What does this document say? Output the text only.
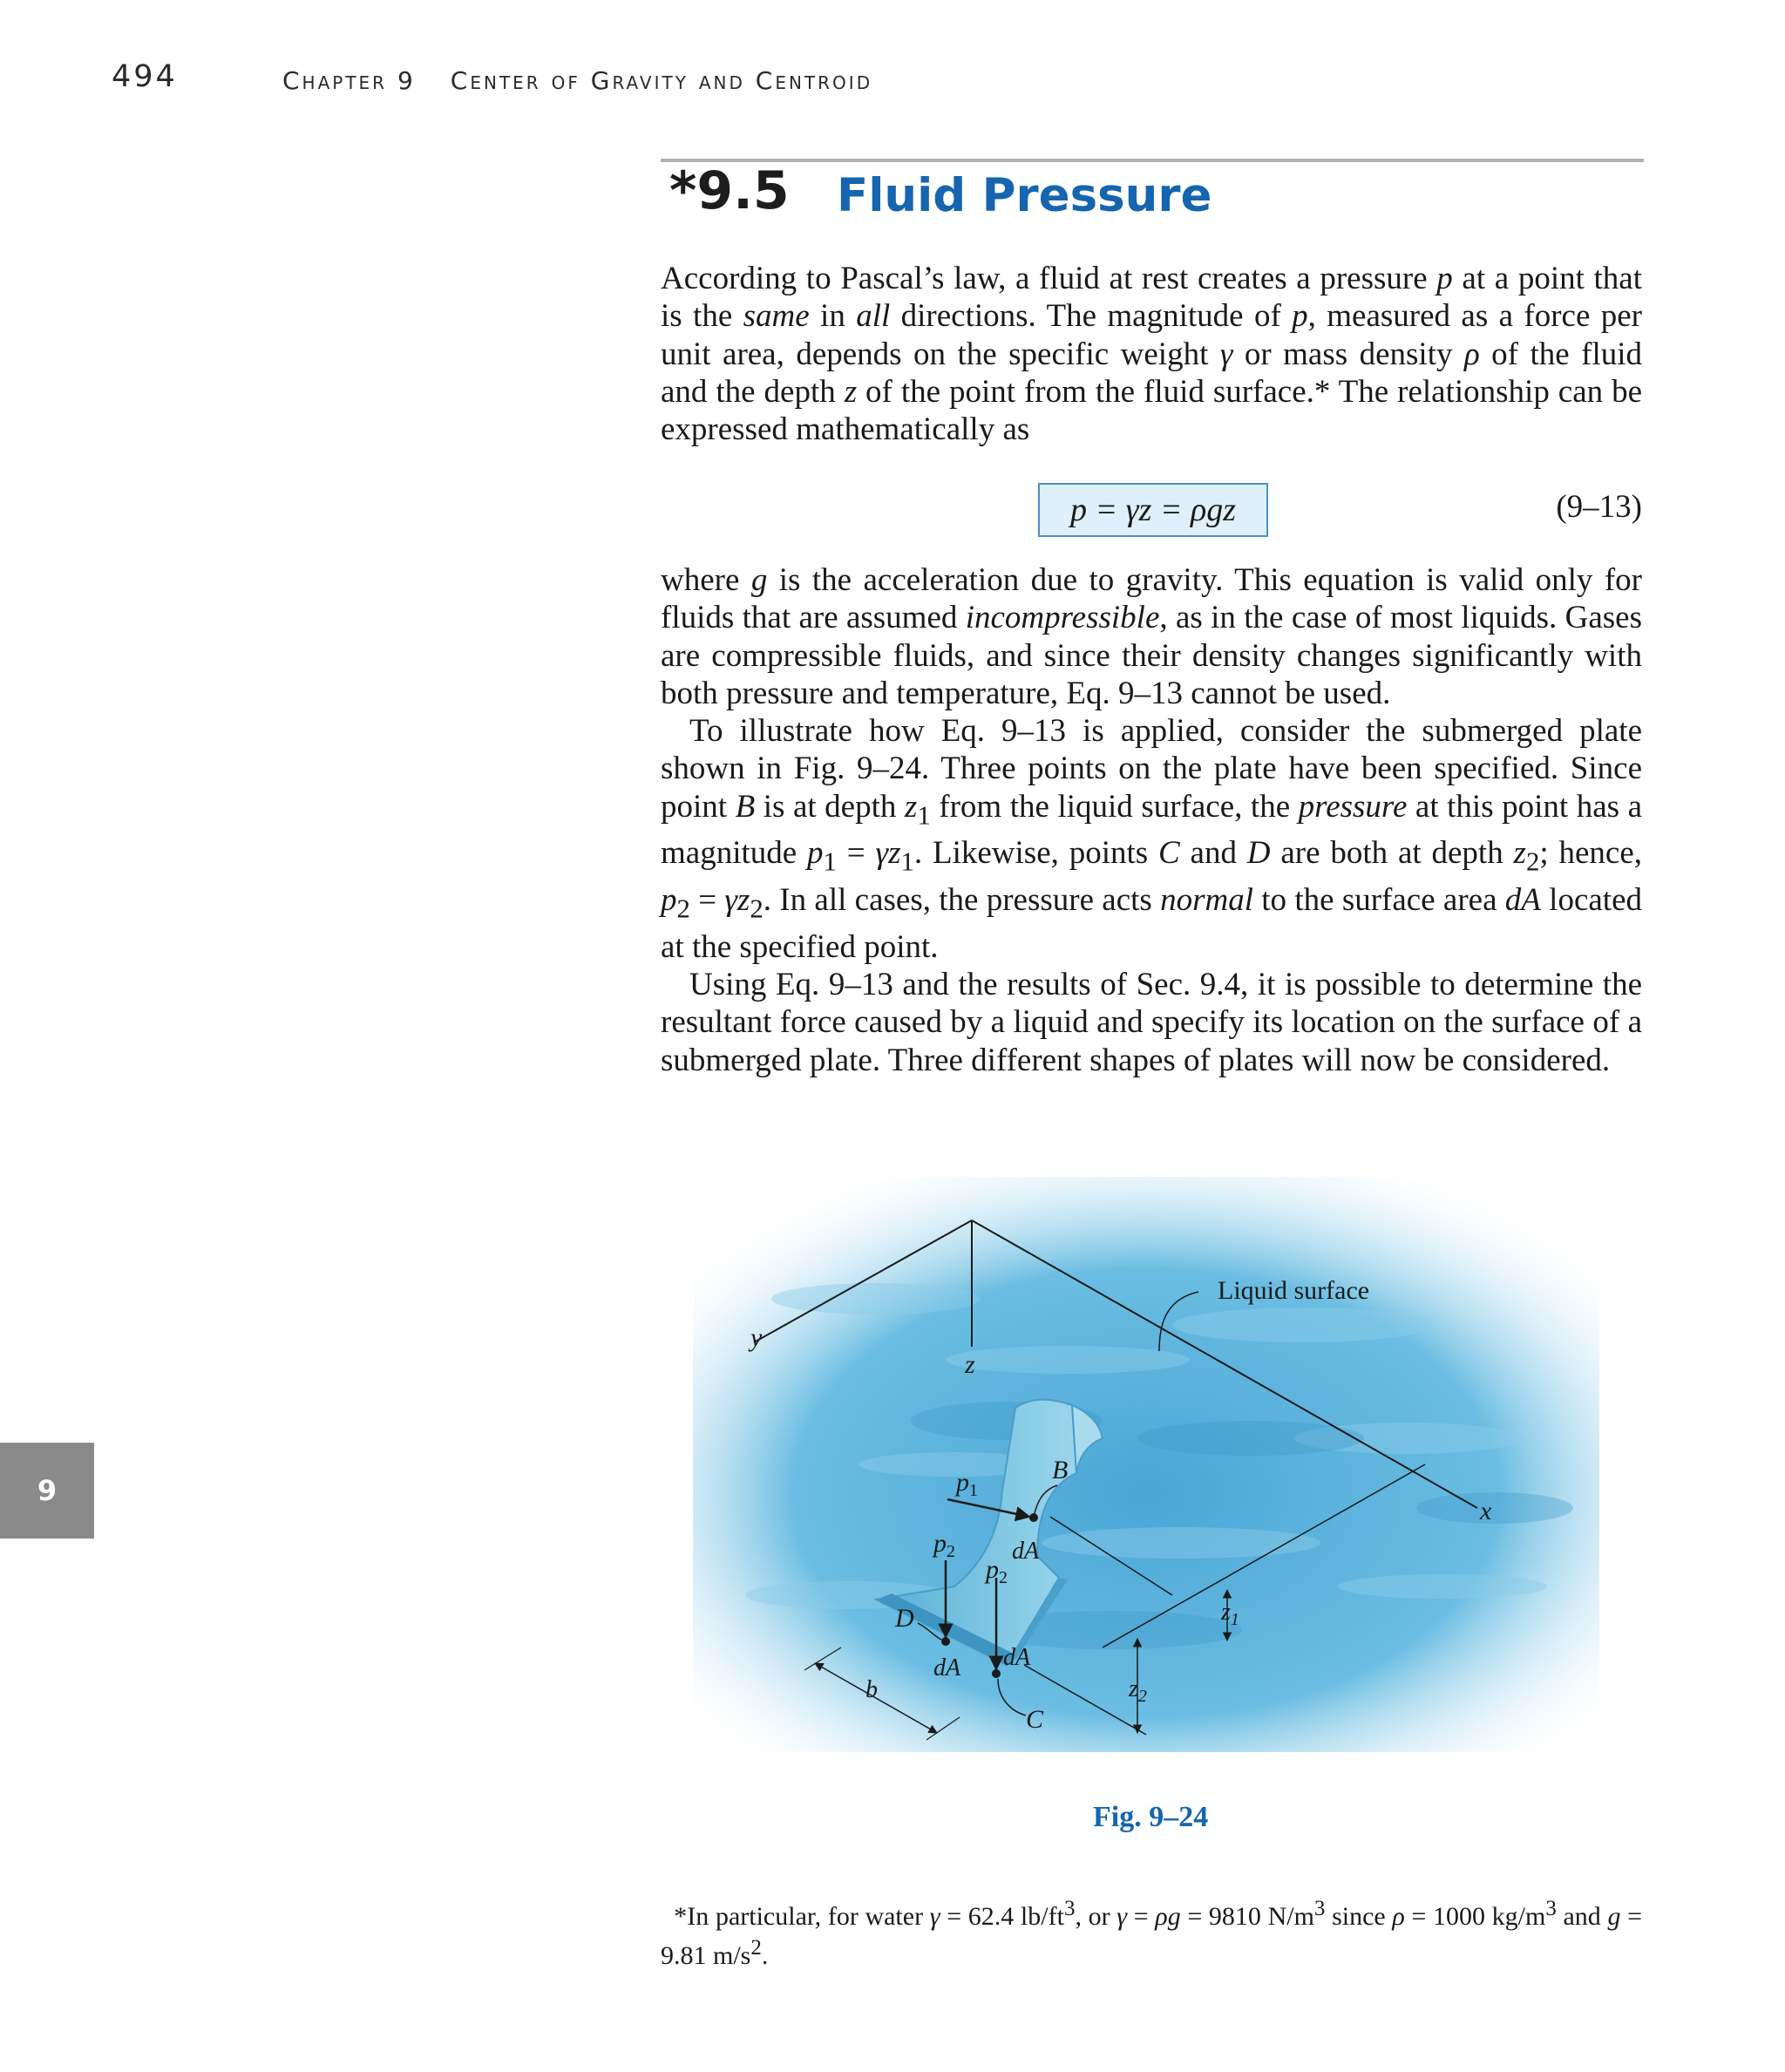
494	Chapter 9 Center of Gravity and Centroid
*9.5 Fluid Pressure

According to Pascal’s law, a fluid at rest creates a pressure p at a point that is the same in all directions. The magnitude of p, measured as a force per unit area, depends on the specific weight γ or mass density ρ of the fluid and the depth z of the point from the fluid surface.* The relationship can be expressed mathematically as

p = γz = ρgz	(9–13)

where g is the acceleration due to gravity. This equation is valid only for fluids that are assumed incompressible, as in the case of most liquids. Gases are compressible fluids, and since their density changes significantly with both pressure and temperature, Eq. 9–13 cannot be used.

To illustrate how Eq. 9–13 is applied, consider the submerged plate shown in Fig. 9–24. Three points on the plate have been specified. Since point B is at depth $z_1$ from the liquid surface, the pressure at this point has a magnitude $p_1 = \gamma z_1$. Likewise, points C and D are both at depth $z_2$; hence, $p_2 = \gamma z_2$. In all cases, the pressure acts normal to the surface area dA located at the specified point.

Using Eq. 9–13 and the results of Sec. 9.4, it is possible to determine the resultant force caused by a liquid and specify its location on the surface of a submerged plate. Three different shapes of plates will now be considered.

y
z
x
Liquid surface
$z_1$
$z_2$
b
B
$p_1$
dA
$p_2$
D
dA
$p_2$
dA
C
Fig. 9–24
*In particular, for water γ = 62.4 $lb/ft^3$, or γ = ρg = 9810 $N/m^3$ since ρ = 1000 $kg/m^3$ and g = 9.81 $m/s^2$.
9
